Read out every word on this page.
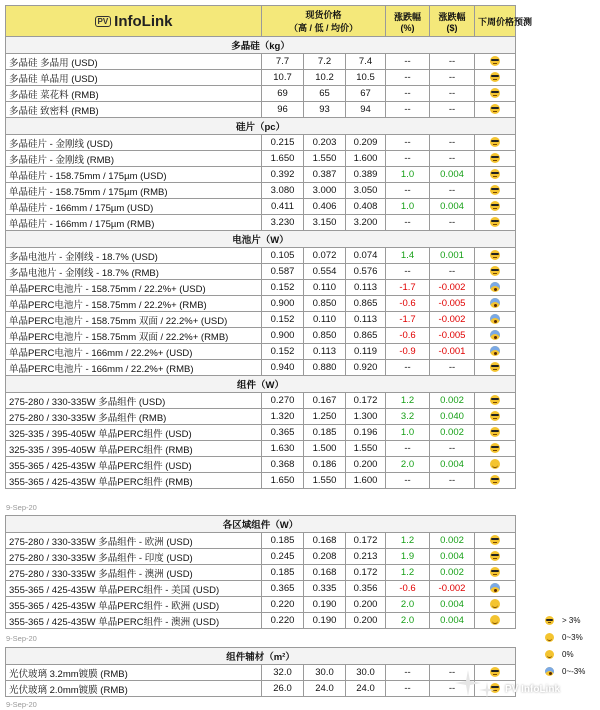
PV InfoLink	现货价格
（高 / 低 / 均价）

涨跌幅
(%)

涨跌幅
($)
	下周价格预测
多晶硅（kg）						
多晶硅 多晶用 (USD)	7.7	7.2	7.4	--	--	
多晶硅 单晶用 (USD)	10.7	10.2	10.5	--	--	
多晶硅 菜花料 (RMB)	69	65	67	--	--	
多晶硅 致密料 (RMB)	96	93	94	--	--	
硅片（pc）						
多晶硅片 - 金刚线 (USD)	0.215	0.203	0.209	--	--	
多晶硅片 - 金刚线 (RMB)	1.650	1.550	1.600	--	--	
单晶硅片 - 158.75mm / 175µm (USD)	0.392	0.387	0.389	1.0	0.004	
单晶硅片 - 158.75mm / 175µm (RMB)	3.080	3.000	3.050	--	--	
单晶硅片 - 166mm / 175µm (USD)	0.411	0.406	0.408	1.0	0.004	
单晶硅片 - 166mm / 175µm (RMB)	3.230	3.150	3.200	--	--	
电池片（W）						
多晶电池片 - 金刚线 - 18.7% (USD)	0.105	0.072	0.074	1.4	0.001	
多晶电池片 - 金刚线 - 18.7% (RMB)	0.587	0.554	0.576	--	--	
单晶PERC电池片 - 158.75mm / 22.2%+ (USD)	0.152	0.110	0.113	-1.7	-0.002	
单晶PERC电池片 - 158.75mm / 22.2%+ (RMB)	0.900	0.850	0.865	-0.6	-0.005	
单晶PERC电池片 - 158.75mm 双面 / 22.2%+ (USD)	0.152	0.110	0.113	-1.7	-0.002	
单晶PERC电池片 - 158.75mm 双面 / 22.2%+ (RMB)	0.900	0.850	0.865	-0.6	-0.005	
单晶PERC电池片 - 166mm / 22.2%+ (USD)	0.152	0.113	0.119	-0.9	-0.001	
单晶PERC电池片 - 166mm / 22.2%+ (RMB)	0.940	0.880	0.920	--	--	
组件（W）						
275-280 / 330-335W 多晶组件 (USD)	0.270	0.167	0.172	1.2	0.002	
275-280 / 330-335W 多晶组件 (RMB)	1.320	1.250	1.300	3.2	0.040	
325-335 / 395-405W 单晶PERC组件 (USD)	0.365	0.185	0.196	1.0	0.002	
325-335 / 395-405W 单晶PERC组件 (RMB)	1.630	1.500	1.550	--	--	
355-365 / 425-435W 单晶PERC组件 (USD)	0.368	0.186	0.200	2.0	0.004	
355-365 / 425-435W 单晶PERC组件 (RMB)	1.650	1.550	1.600	--	--	
9-Sep-20
各区域组件（W）						
275-280 / 330-335W 多晶组件 - 欧洲 (USD)	0.185	0.168	0.172	1.2	0.002	
275-280 / 330-335W 多晶组件 - 印度 (USD)	0.245	0.208	0.213	1.9	0.004	
275-280 / 330-335W 多晶组件 - 澳洲 (USD)	0.185	0.168	0.172	1.2	0.002	
355-365 / 425-435W 单晶PERC组件 - 美国 (USD)	0.365	0.335	0.356	-0.6	-0.002	
355-365 / 425-435W 单晶PERC组件 - 欧洲 (USD)	0.220	0.190	0.200	2.0	0.004	
355-365 / 425-435W 单晶PERC组件 - 澳洲 (USD)	0.220	0.190	0.200	2.0	0.004	
9-Sep-20
组件辅材（m²）						
光伏玻璃 3.2mm镀膜 (RMB)	32.0	30.0	30.0	--	--	
光伏玻璃 2.0mm镀膜 (RMB)	26.0	24.0	24.0	--	--	
9-Sep-20
> 3%
0~3%
0%
0~-3%
PV InfoLink
